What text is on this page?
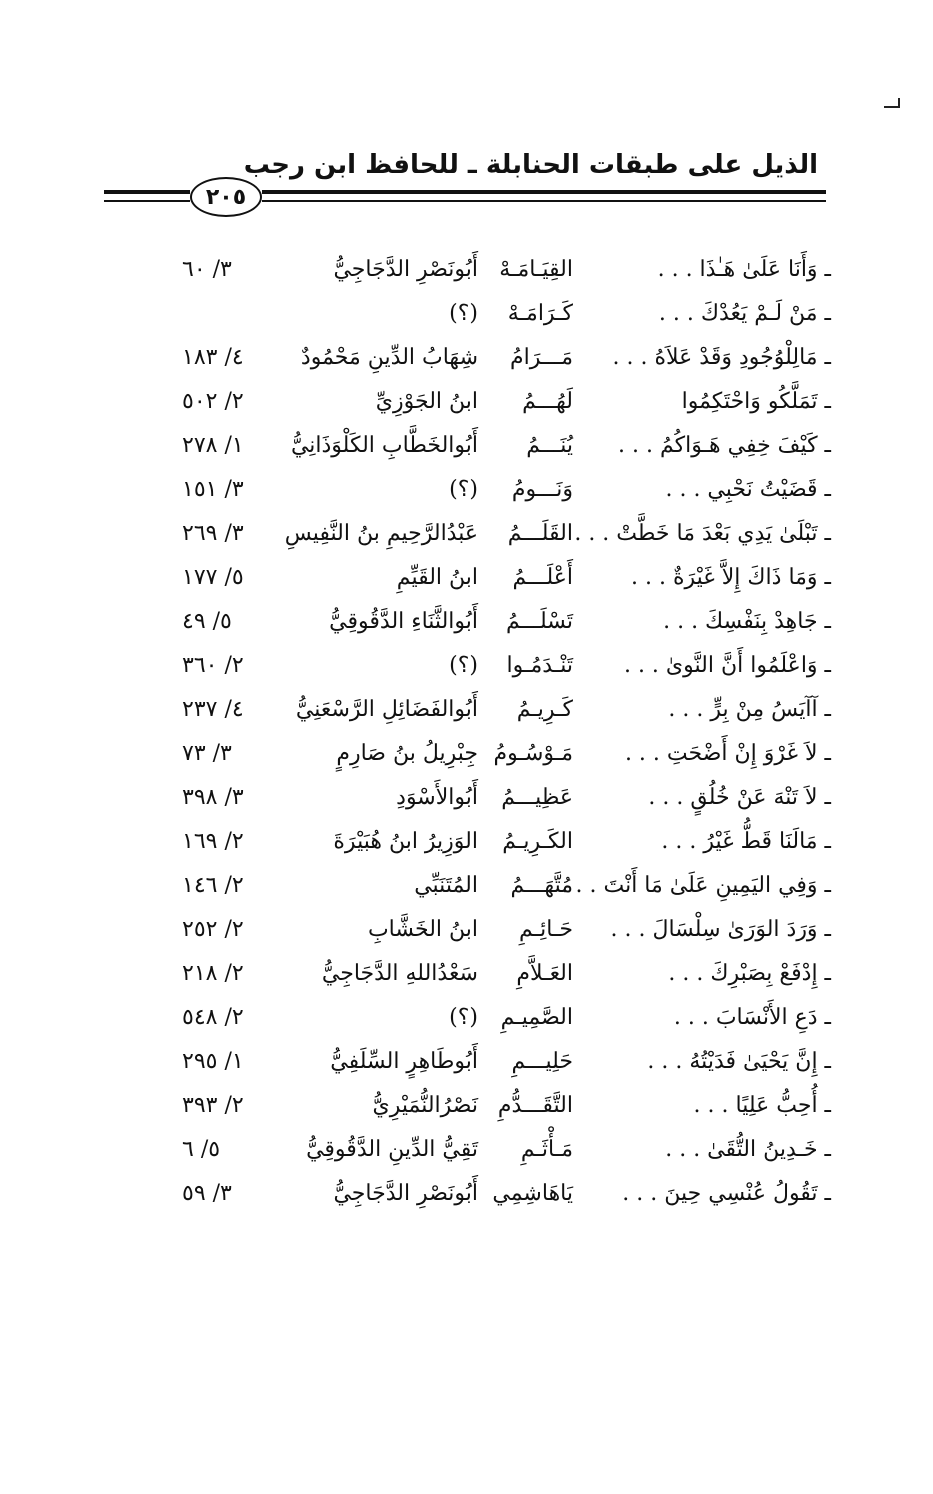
الذيل على طبقات الحنابلة ـ للحافظ ابن رجب
٢٠٥
ـ وَأَنَا عَلَىٰ هَـٰذَا . . .
القِيَـامَـهْ
أَبُونَصْرِ الدَّجَاجِيُّ
٣/ ٦٠
ـ مَنْ لَـمْ يَعُدْكَ . . .
كَـرَامَـهْ
(؟)
ـ مَالِلْوُجُودِ وَقَدْ عَلاَهُ . . .
مَـــرَامُ
شِهَابُ الدِّينِ مَحْمُودٌ
٤/ ١٨٣
ـ تَمَلَّكُو وَاحْتَكِمُوا
لَهُـــمُ
ابنُ الجَوْزِيِّ
٢/ ٥٠٢
ـ كَيْفَ خِفِي هَـوَاكُمُ . . .
يُنَـــمُ
أَبُوالخَطَّابِ الكَلْوَذَانِيُّ
١/ ٢٧٨
ـ قَضَيْتُ نَحْبِي . . .
وَنَـــومُ
(؟)
٣/ ١٥١
ـ تَبْلَىٰ يَدِي بَعْدَ مَا خَطَّتْ . . .
القَلَـــمُ
عَبْدُالرَّحِيمِ بنُ النَّفِيسِ
٣/ ٢٦٩
ـ وَمَا ذَاكَ إِلاَّ غَيْرَةٌ . . .
أَعْلَـــمُ
ابنُ القَيِّمِ
٥/ ١٧٧
ـ جَاهِدْ بِنَفْسِكَ . . .
تَسْلَـــمُ
أَبُوالثَّنَاءِ الدَّقُوقِيُّ
٥/ ٤٩
ـ وَاعْلَمُوا أَنَّ النَّوىٰ . . .
تَنْـدَمُـوا
(؟)
٢/ ٣٦٠
ـ آآيَسُ مِنْ بِرٍّ . . .
كَـرِيـمُ
أَبُوالفَضَائِلِ الرَّسْعَنِيُّ
٤/ ٢٣٧
ـ لاَ غَرْوَ إِنْ أَضْحَتِ . . .
مَـوْسُـومُ
جِبْرِيلُ بنُ صَارِمٍ
٣/ ٧٣
ـ لاَ تَنْهَ عَنْ خُلُقٍ . . .
عَظِيـــمُ
أَبُوالأَسْوَدِ
٣/ ٣٩٨
ـ مَالَنَا قَطُّ غَيْرُ . . .
الكَـرِيـمُ
الوَزِيرُ ابنُ هُبَيْرَةَ
٢/ ١٦٩
ـ وَفِي اليَمِينِ عَلَىٰ مَا أَنْتَ . . .
مُتَّهَـــمُ
المُتَنَبِّي
٢/ ١٤٦
ـ وَرَدَ الوَرَىٰ سِلْسَالَ . . .
حَـائِـمِ
ابنُ الخَشَّابِ
٢/ ٢٥٢
ـ إِدْفَعْ بِصَبْرِكَ . . .
العَـلاَّمِ
سَعْدُاللهِ الدَّجَاجِيُّ
٢/ ٢١٨
ـ دَعِ الأَنْسَابَ . . .
الصَّمِيـمِ
(؟)
٢/ ٥٤٨
ـ إِنَّ يَحْيَىٰ فَدَيْتُهُ . . .
حَلِيـــمِ
أَبُوطَاهِرٍ السِّلَفِيُّ
١/ ٢٩٥
ـ أُحِبُّ عَلِيًا . . .
التَّقَـــدُّمِ
نَصْرُالنُّمَيْرِيُّ
٢/ ٣٩٣
ـ خَـدِينُ التُّقَىٰ . . .
مَـأْثَـمِ
تَقِيُّ الدِّينِ الدَّقُوقِيُّ
٥/ ٦
ـ تَقُولُ عُنْسِي حِينَ . . .
يَاهَاشِمِي
أَبُونَصْرِ الدَّجَاجِيُّ
٣/ ٥٩
